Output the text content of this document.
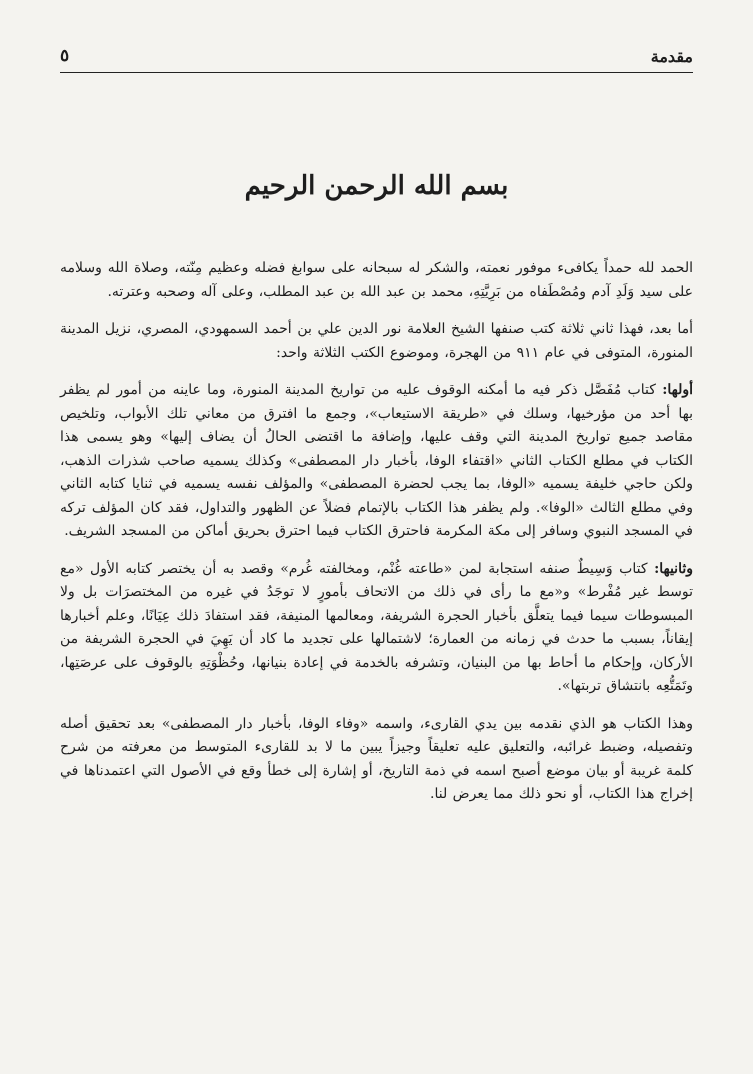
مقدمة
٥
بسم الله الرحمن الرحيم

الحمد لله حمداً يكافىء موفور نعمته، والشكر له سبحانه على سوابغ فضله وعظيم مِنّته، وصلاة الله وسلامه على سيد وَلَدِ آدم ومُصْطَفاه من بَرِيَّتِهِ، محمد بن عبد الله بن عبد المطلب، وعلى آله وصحبه وعترته.

أما بعد، فهذا ثاني ثلاثة كتب صنفها الشيخ العلامة نور الدين علي بن أحمد السمهودي، المصري، نزيل المدينة المنورة، المتوفى في عام ٩١١ من الهجرة، وموضوع الكتب الثلاثة واحد:

أولها: كتاب مُفَصَّل ذكر فيه ما أمكنه الوقوف عليه من تواريخ المدينة المنورة، وما عاينه من أمور لم يظفر بها أحد من مؤرخيها، وسلك في «طريقة الاستيعاب»، وجمع ما افترق من معاني تلك الأبواب، وتلخيص مقاصد جميع تواريخ المدينة التي وقف عليها، وإضافة ما اقتضى الحالُ أن يضاف إليها» وهو يسمى هذا الكتاب في مطلع الكتاب الثاني «اقتفاء الوفا، بأخبار دار المصطفى» وكذلك يسميه صاحب شذرات الذهب، ولكن حاجي خليفة يسميه «الوفا، بما يجب لحضرة المصطفى» والمؤلف نفسه يسميه في ثنايا كتابه الثاني وفي مطلع الثالث «الوفا». ولم يظفر هذا الكتاب بالإتمام فضلاً عن الظهور والتداول، فقد كان المؤلف تركه في المسجد النبوي وسافر إلى مكة المكرمة فاحترق الكتاب فيما احترق بحريق أماكن من المسجد الشريف.

وثانيها: كتاب وَسِيطٌ صنفه استجابة لمن «طاعته غُنْم، ومخالفته غُرم» وقصد به أن يختصر كتابه الأول «مع توسط غير مُفْرط» و«مع ما رأى في ذلك من الاتحاف بأمورٍ لا توجَدُ في غيره من المختصرَات بل ولا المبسوطات سيما فيما يتعلَّق بأخبار الحجرة الشريفة، ومعالمها المنيفة، فقد استفادَ ذلك عِيَانًا، وعلم أخبارها إيقاناً، بسبب ما حدث في زمانه من العمارة؛ لاشتمالها على تجديد ما كاد أن يَهِيَ في الحجرة الشريفة من الأركان، وإحكام ما أحاط بها من البنيان، وتشرفه بالخدمة في إعادة بنيانها، وحُظْوَتِهِ بالوقوف على عرصَتِها، وتَمَتُّعِه بانتشاق تربتها».

وهذا الكتاب هو الذي نقدمه بين يدي القارىء، واسمه «وفاء الوفا، بأخبار دار المصطفى» بعد تحقيق أصله وتفصيله، وضبط غرائبه، والتعليق عليه تعليقاً وجيزاً يبين ما لا بد للقارىء المتوسط من معرفته من شرح كلمة غريبة أو بيان موضع أصبح اسمه في ذمة التاريخ، أو إشارة إلى خطأ وقع في الأصول التي اعتمدناها في إخراج هذا الكتاب، أو نحو ذلك مما يعرض لنا.
